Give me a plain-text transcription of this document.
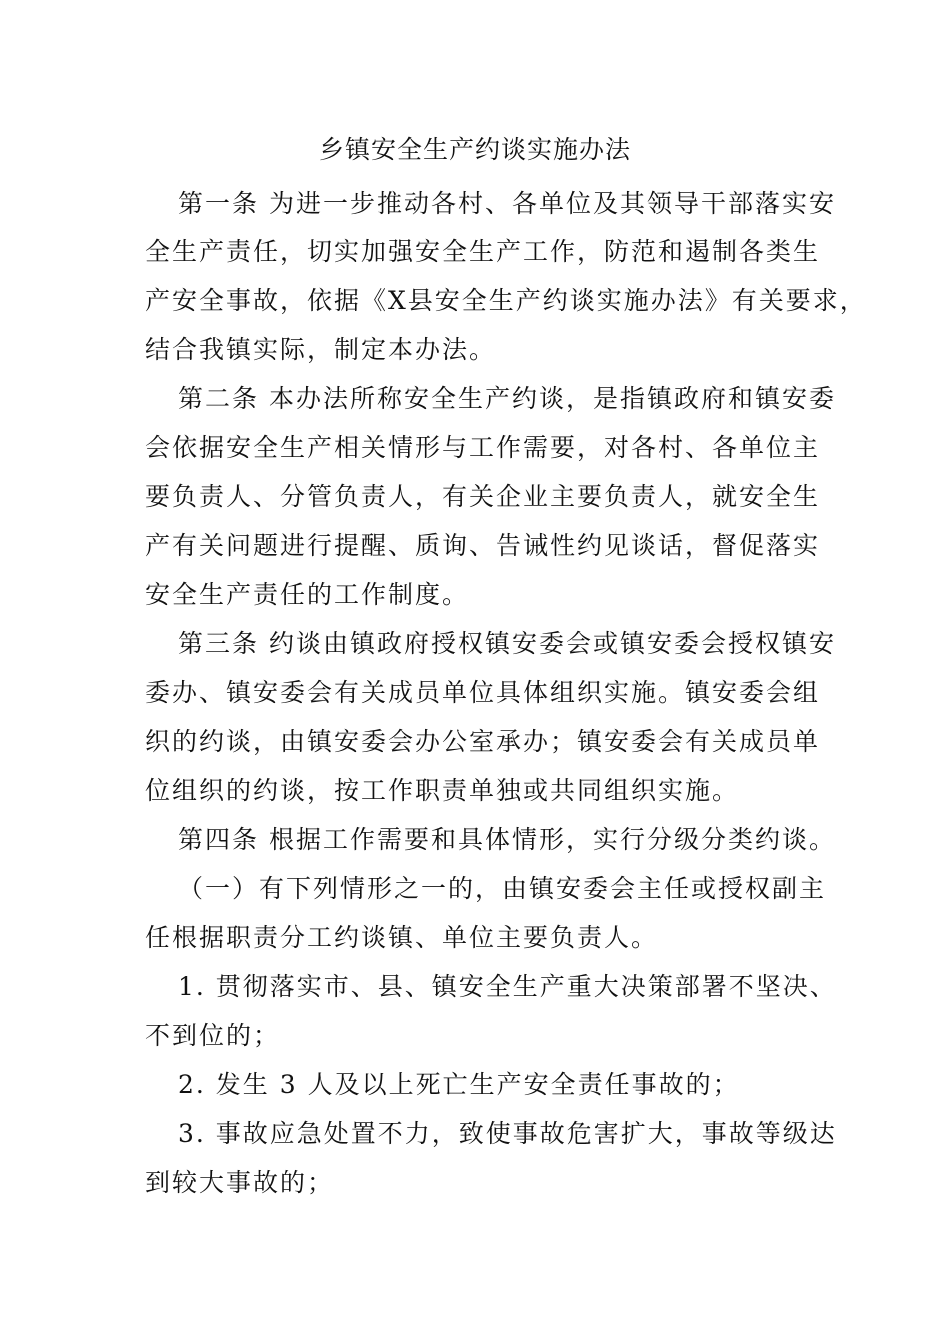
乡镇安全生产约谈实施办法
第一条 为进一步推动各村、各单位及其领导干部落实安
全生产责任，切实加强安全生产工作，防范和遏制各类生
产安全事故，依据《X县安全生产约谈实施办法》有关要求，
结合我镇实际，制定本办法。
第二条 本办法所称安全生产约谈，是指镇政府和镇安委
会依据安全生产相关情形与工作需要，对各村、各单位主
要负责人、分管负责人，有关企业主要负责人，就安全生
产有关问题进行提醒、质询、告诫性约见谈话，督促落实
安全生产责任的工作制度。
第三条 约谈由镇政府授权镇安委会或镇安委会授权镇安
委办、镇安委会有关成员单位具体组织实施。镇安委会组
织的约谈，由镇安委会办公室承办；镇安委会有关成员单
位组织的约谈，按工作职责单独或共同组织实施。
第四条 根据工作需要和具体情形，实行分级分类约谈。
（一）有下列情形之一的，由镇安委会主任或授权副主
任根据职责分工约谈镇、单位主要负责人。
1. 贯彻落实市、县、镇安全生产重大决策部署不坚决、
不到位的；
2. 发生 3 人及以上死亡生产安全责任事故的；
3. 事故应急处置不力，致使事故危害扩大，事故等级达
到较大事故的；
